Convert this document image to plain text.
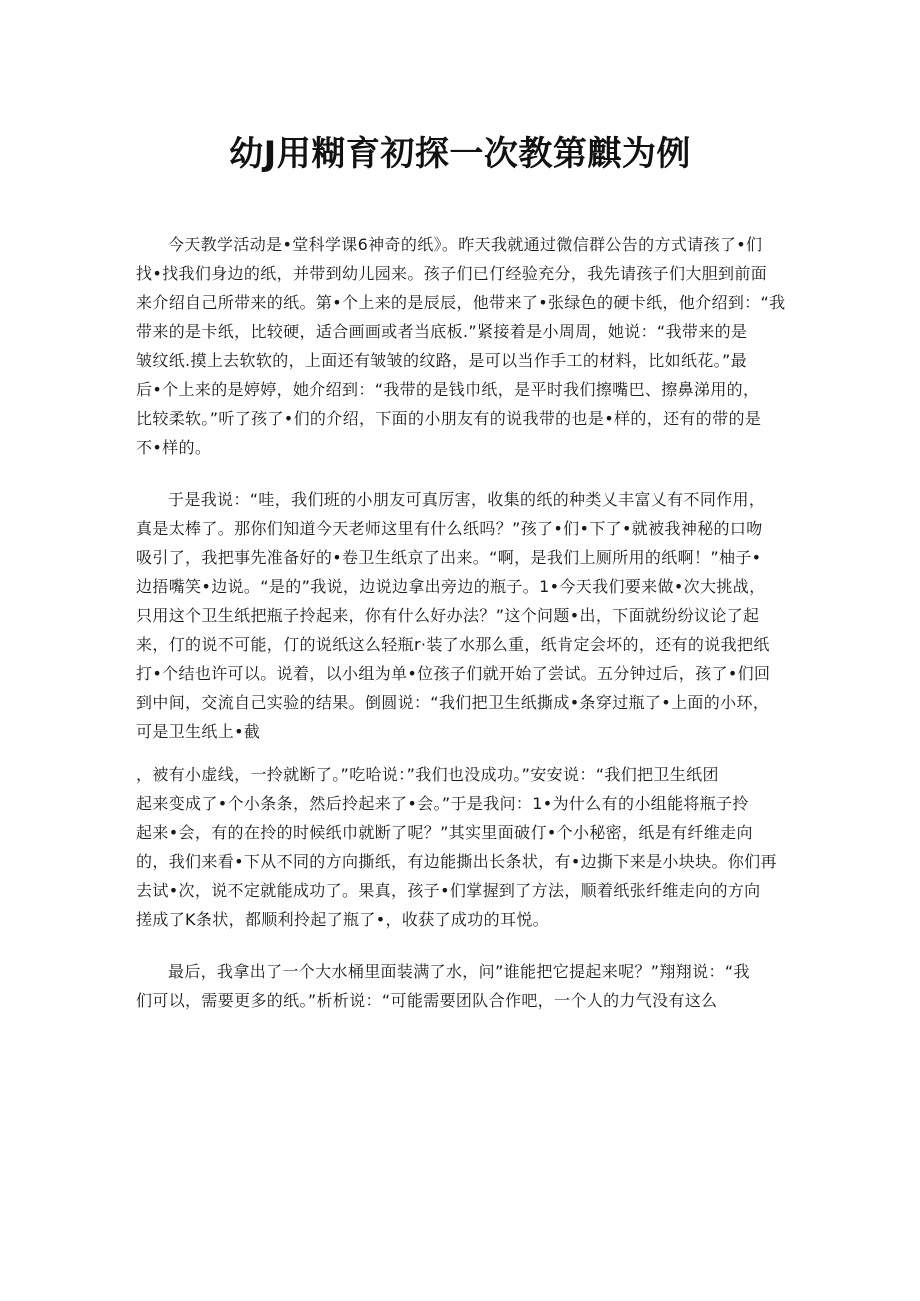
幼J用糊育初探一次教第麒为例
今天教学活动是•堂科学课6神奇的纸》。昨天我就通过微信群公告的方式请孩了•们
找•找我们身边的纸，并带到幼儿园来。孩子们已仃经验充分，我先请孩子们大胆到前面
来介绍自己所带来的纸。第•个上来的是辰辰，他带来了•张绿色的硬卡纸，他介绍到：“我
带来的是卡纸，比较硬，适合画画或者当底板.”紧接着是小周周，她说：“我带来的是
皱纹纸.摸上去软软的，上面还有皱皱的纹路，是可以当作手工的材料，比如纸花。”最
后•个上来的是婷婷，她介绍到：“我带的是钱巾纸，是平时我们擦嘴巴、擦鼻涕用的，
比较柔软。”听了孩了•们的介绍，下面的小朋友有的说我带的也是•样的，还有的带的是
不•样的。
于是我说：“哇，我们班的小朋友可真厉害，收集的纸的种类乂丰富乂有不同作用，
真是太棒了。那你们知道今天老师这里有什么纸吗？”孩了•们•下了•就被我神秘的口吻
吸引了，我把事先准备好的•卷卫生纸京了出来。“啊，是我们上厕所用的纸啊！”柚子•
边捂嘴笑•边说。“是的”我说，边说边拿出旁边的瓶子。1•今天我们要来做•次大挑战，
只用这个卫生纸把瓶子拎起来，你有什么好办法？”这个问题•出，下面就纷纷议论了起
来，仃的说不可能，仃的说纸这么轻瓶r·装了水那么重，纸肯定会坏的，还有的说我把纸
打•个结也许可以。说着，以小组为单•位孩子们就开始了尝试。五分钟过后，孩了•们回
到中间，交流自己实验的结果。倒圆说：“我们把卫生纸撕成•条穿过瓶了•上面的小环，
可是卫生纸上•截
，被有小虚线，一拎就断了。”吃哈说：”我们也没成功。”安安说：“我们把卫生纸团
起来变成了•个小条条，然后拎起来了•会。”于是我问：1•为什么有的小组能将瓶子拎
起来•会，有的在拎的时候纸巾就断了呢？”其实里面破仃•个小秘密，纸是有纤维走向
的，我们来看•下从不同的方向撕纸，有边能撕出长条状，有•边撕下来是小块块。你们再
去试•次，说不定就能成功了。果真，孩子•们掌握到了方法，顺着纸张纤维走向的方向
搓成了K条状，都顺利拎起了瓶了•，收获了成功的耳悦。
最后，我拿出了一个大水桶里面装满了水，问”谁能把它提起来呢？”翔翔说：“我
们可以，需要更多的纸。”析析说：“可能需要团队合作吧，一个人的力气没有这么
